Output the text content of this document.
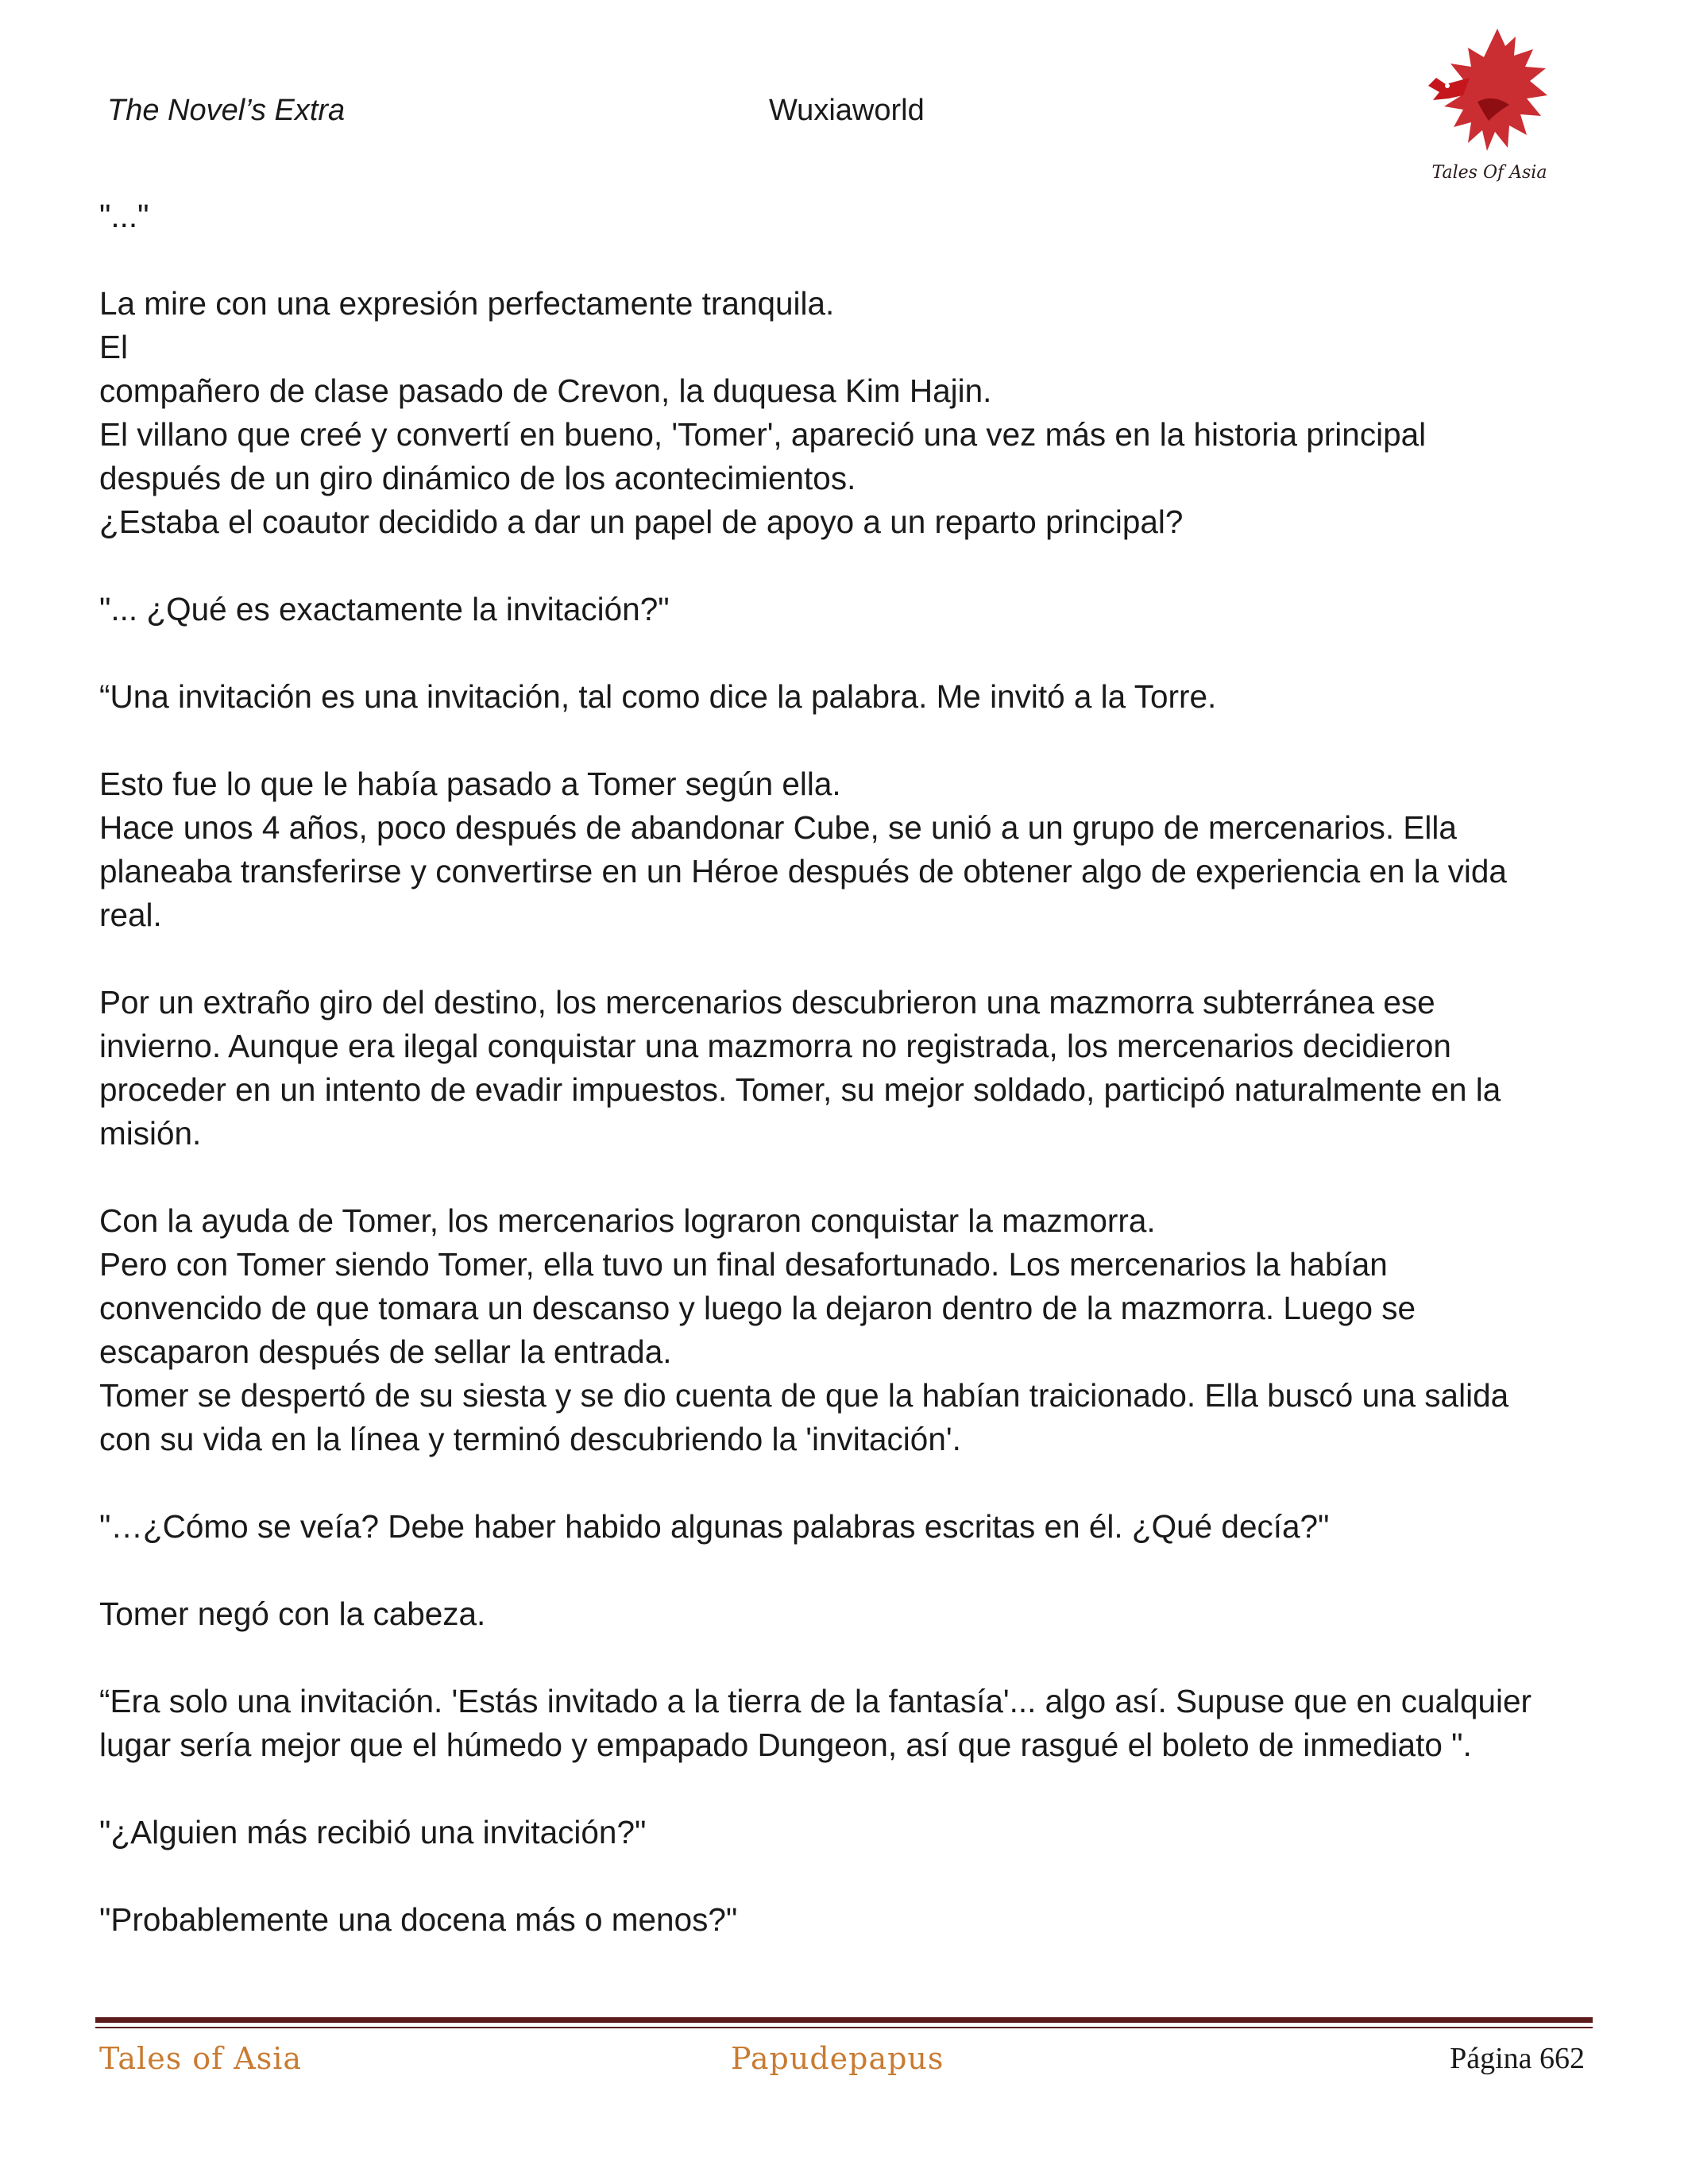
The Novel’s Extra	Wuxiaworld
Tales Of Asia

"..."

La mire con una expresión perfectamente tranquila.
El
compañero de clase pasado de Crevon, la duquesa Kim Hajin.
El villano que creé y convertí en bueno, 'Tomer', apareció una vez más en la historia principal
después de un giro dinámico de los acontecimientos.
¿Estaba el coautor decidido a dar un papel de apoyo a un reparto principal?

"... ¿Qué es exactamente la invitación?"

“Una invitación es una invitación, tal como dice la palabra. Me invitó a la Torre.

Esto fue lo que le había pasado a Tomer según ella.
Hace unos 4 años, poco después de abandonar Cube, se unió a un grupo de mercenarios. Ella
planeaba transferirse y convertirse en un Héroe después de obtener algo de experiencia en la vida
real.

Por un extraño giro del destino, los mercenarios descubrieron una mazmorra subterránea ese
invierno. Aunque era ilegal conquistar una mazmorra no registrada, los mercenarios decidieron
proceder en un intento de evadir impuestos. Tomer, su mejor soldado, participó naturalmente en la
misión.

Con la ayuda de Tomer, los mercenarios lograron conquistar la mazmorra.
Pero con Tomer siendo Tomer, ella tuvo un final desafortunado. Los mercenarios la habían
convencido de que tomara un descanso y luego la dejaron dentro de la mazmorra. Luego se
escaparon después de sellar la entrada.
Tomer se despertó de su siesta y se dio cuenta de que la habían traicionado. Ella buscó una salida
con su vida en la línea y terminó descubriendo la 'invitación'.

"…¿Cómo se veía? Debe haber habido algunas palabras escritas en él. ¿Qué decía?"

Tomer negó con la cabeza.

“Era solo una invitación. 'Estás invitado a la tierra de la fantasía'... algo así. Supuse que en cualquier
lugar sería mejor que el húmedo y empapado Dungeon, así que rasgué el boleto de inmediato ".

"¿Alguien más recibió una invitación?"

"Probablemente una docena más o menos?"

Tales of Asia	Papudepapus	Página 662
